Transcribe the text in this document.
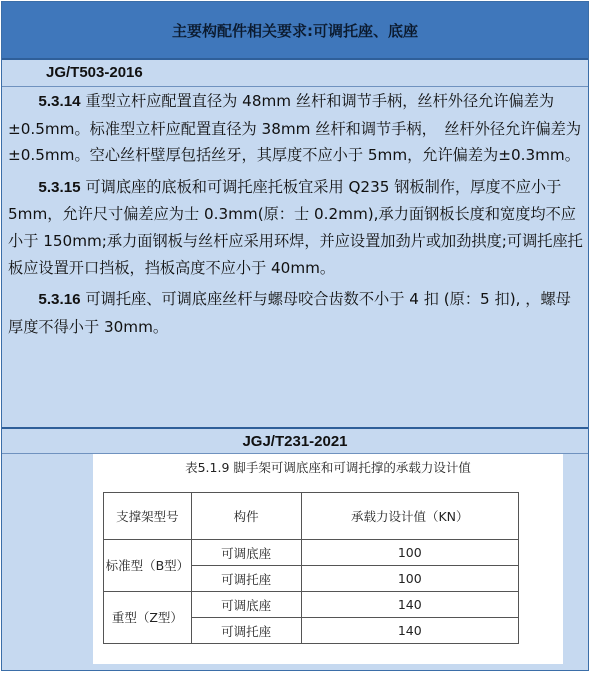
主要构配件相关要求:可调托座、底座
JG/T503-2016

5.3.14 重型立杆应配置直径为 48mm 丝杆和调节手柄，丝杆外径允许偏差为±0.5mm。标准型立杆应配置直径为 38mm 丝杆和调节手柄，　丝杆外径允许偏差为±0.5mm。空心丝杆壁厚包括丝牙，其厚度不应小于 5mm，允许偏差为±0.3mm。

5.3.15 可调底座的底板和可调托座托板宜采用 Q235 钢板制作，厚度不应小于 5mm，允许尺寸偏差应为士 0.3mm(原：士 0.2mm),承力面钢板长度和宽度均不应小于 150mm;承力面钢板与丝杆应采用环焊，并应设置加劲片或加劲拱度;可调托座托板应设置开口挡板，挡板高度不应小于 40mm。

5.3.16 可调托座、可调底座丝杆与螺母咬合齿数不小于 4 扣 (原：5 扣), ，螺母厚度不得小于 30mm。

JGJ/T231-2021
表5.1.9 脚手架可调底座和可调托撑的承载力设计值
支撑架型号	构件	承载力设计值（KN）
标准型（B型）	可调底座	100
	可调托座	100
重型（Z型）	可调底座	140
	可调托座	140
